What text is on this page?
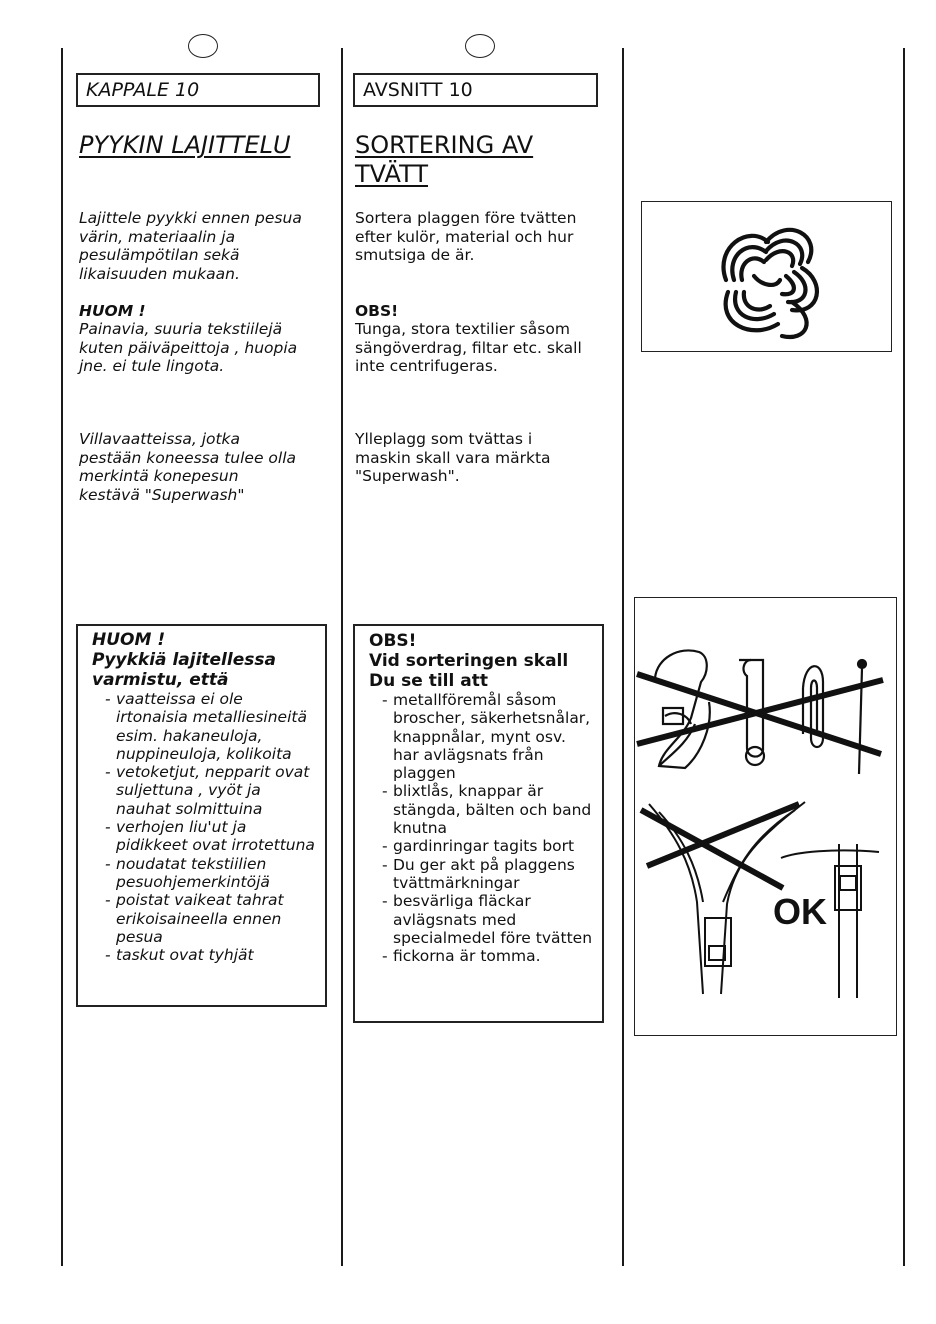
KAPPALE 10
PYYKIN LAJITTELU
Lajittele pyykki ennen pesua
värin, materiaalin ja
pesulämpötilan sekä
likaisuuden mukaan.
HUOM !
Painavia, suuria tekstiilejä
kuten päiväpeittoja , huopia
jne. ei tule lingota.
Villavaatteissa, jotka
pestään koneessa tulee olla
merkintä konepesun
kestävä "Superwash"
HUOM !
Pyykkiä lajitellessa
varmistu, että
- vaatteissa ei ole irtonaisia metalliesineitä esim. hakaneuloja, nuppineuloja, kolikoita
- vetoketjut, nepparit ovat suljettuna , vyöt ja nauhat solmittuina
- verhojen liu'ut ja pidikkeet ovat irrotettuna
- noudatat tekstiilien pesuohjemerkintöjä
- poistat vaikeat tahrat erikoisaineella ennen pesua
- taskut ovat tyhjät
AVSNITT 10
SORTERING AV
TVÄTT
Sortera plaggen före tvätten
efter kulör, material och hur
smutsiga de är.
OBS!
Tunga, stora textilier såsom
sängöverdrag, filtar etc. skall
inte centrifugeras.
Ylleplagg som tvättas i
maskin skall vara märkta
"Superwash".
OBS!
Vid sorteringen skall
Du se till att
- metallföremål såsom broscher, säkerhetsnålar, knappnålar, mynt osv. har avlägsnats från plaggen
- blixtlås, knappar är stängda, bälten och band knutna
- gardinringar tagits bort
- Du ger akt på plaggens tvättmärkningar
- besvärliga fläckar avlägsnats med specialmedel före tvätten
- fickorna är tomma.
OK
